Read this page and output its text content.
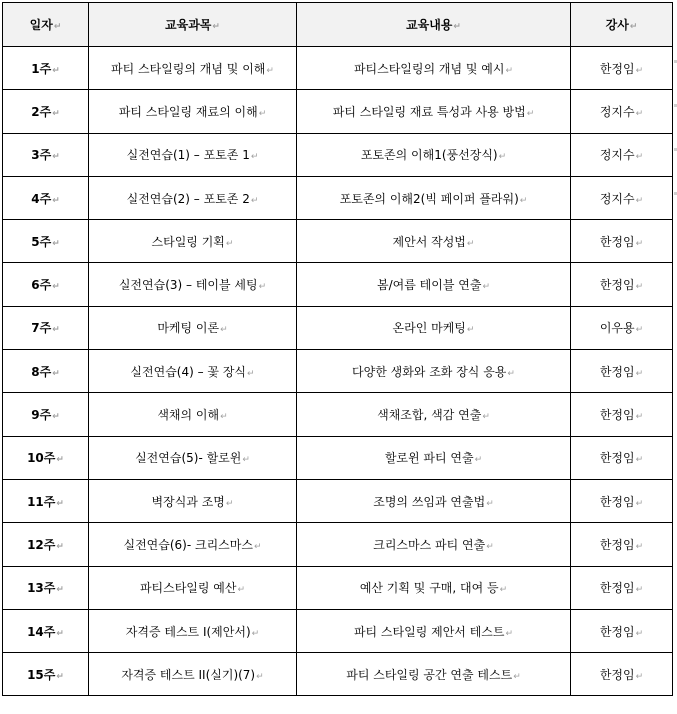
일자↵	교육과목↵	교육내용↵	강사↵
1주↵	파티 스타일링의 개념 및 이해↵	파티스타일링의 개념 및 예시↵	한정임↵
2주↵	파티 스타일링 재료의 이해↵	파티 스타일링 재료 특성과 사용 방법↵	정지수↵
3주↵	실전연습(1) – 포토존 1↵	포토존의 이해1(풍선장식)↵	정지수↵
4주↵	실전연습(2) – 포토존 2↵	포토존의 이해2(빅 페이퍼 플라워)↵	정지수↵
5주↵	스타일링 기획↵	제안서 작성법↵	한정임↵
6주↵	실전연습(3) – 테이블 세팅↵	봄/여름 테이블 연출↵	한정임↵
7주↵	마케팅 이론↵	온라인 마케팅↵	이우용↵
8주↵	실전연습(4) – 꽃 장식↵	다양한 생화와 조화 장식 응용↵	한정임↵
9주↵	색채의 이해↵	색채조합, 색감 연출↵	한정임↵
10주↵	실전연습(5)- 할로윈↵	할로윈 파티 연출↵	한정임↵
11주↵	벽장식과 조명↵	조명의 쓰임과 연출법↵	한정임↵
12주↵	실전연습(6)- 크리스마스↵	크리스마스 파티 연출↵	한정임↵
13주↵	파티스타일링 예산↵	예산 기획 및 구매, 대여 등↵	한정임↵
14주↵	자격증 테스트 I(제안서)↵	파티 스타일링 제안서 테스트↵	한정임↵
15주↵	자격증 테스트 II(실기)(7)↵	파티 스타일링 공간 연출 테스트↵	한정임↵
